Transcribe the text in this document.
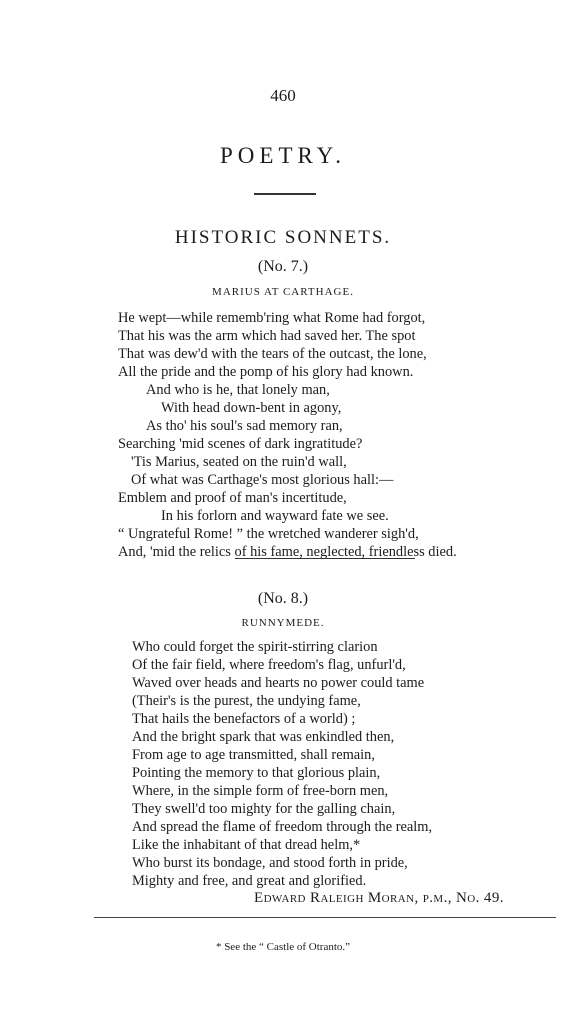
460
POETRY.
HISTORIC SONNETS.
(No. 7.)
MARIUS AT CARTHAGE.
He wept—while rememb'ring what Rome had forgot,
That his was the arm which had saved her. The spot
That was dew'd with the tears of the outcast, the lone,
All the pride and the pomp of his glory had known.
And who is he, that lonely man,
With head down-bent in agony,
As tho' his soul's sad memory ran,
Searching 'mid scenes of dark ingratitude?
'Tis Marius, seated on the ruin'd wall,
Of what was Carthage's most glorious hall:—
Emblem and proof of man's incertitude,
In his forlorn and wayward fate we see.
“ Ungrateful Rome! ” the wretched wanderer sigh'd,
And, 'mid the relics of his fame, neglected, friendless died.
(No. 8.)
RUNNYMEDE.
Who could forget the spirit-stirring clarion
Of the fair field, where freedom's flag, unfurl'd,
Waved over heads and hearts no power could tame
(Their's is the purest, the undying fame,
That hails the benefactors of a world) ;
And the bright spark that was enkindled then,
From age to age transmitted, shall remain,
Pointing the memory to that glorious plain,
Where, in the simple form of free-born men,
They swell'd too mighty for the galling chain,
And spread the flame of freedom through the realm,
Like the inhabitant of that dread helm,*
Who burst its bondage, and stood forth in pride,
Mighty and free, and great and glorified.
Edward Raleigh Moran, p.m., No. 49.
* See the “ Castle of Otranto.”
